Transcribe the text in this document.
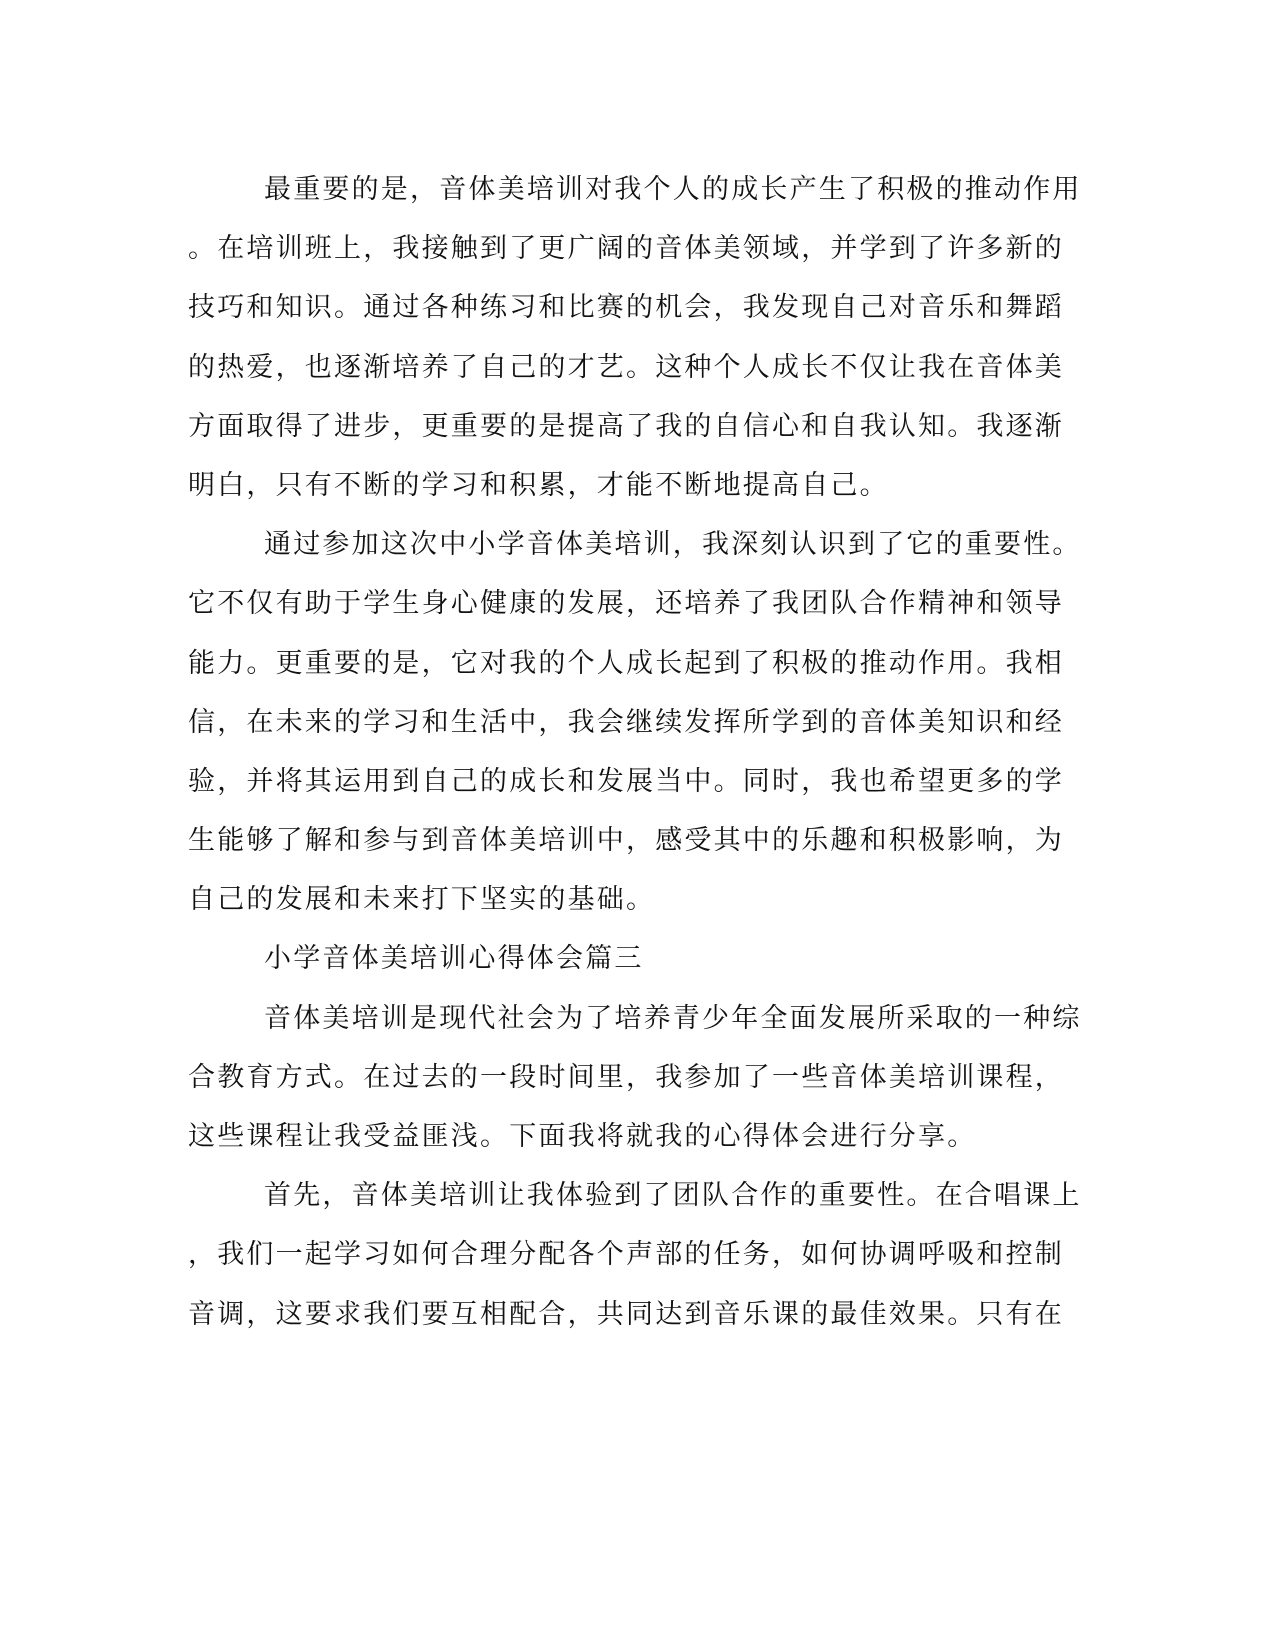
最重要的是，音体美培训对我个人的成长产生了积极的推动作用
。在培训班上，我接触到了更广阔的音体美领域，并学到了许多新的
技巧和知识。通过各种练习和比赛的机会，我发现自己对音乐和舞蹈
的热爱，也逐渐培养了自己的才艺。这种个人成长不仅让我在音体美
方面取得了进步，更重要的是提高了我的自信心和自我认知。我逐渐
明白，只有不断的学习和积累，才能不断地提高自己。
通过参加这次中小学音体美培训，我深刻认识到了它的重要性。
它不仅有助于学生身心健康的发展，还培养了我团队合作精神和领导
能力。更重要的是，它对我的个人成长起到了积极的推动作用。我相
信，在未来的学习和生活中，我会继续发挥所学到的音体美知识和经
验，并将其运用到自己的成长和发展当中。同时，我也希望更多的学
生能够了解和参与到音体美培训中，感受其中的乐趣和积极影响，为
自己的发展和未来打下坚实的基础。
小学音体美培训心得体会篇三
音体美培训是现代社会为了培养青少年全面发展所采取的一种综
合教育方式。在过去的一段时间里，我参加了一些音体美培训课程，
这些课程让我受益匪浅。下面我将就我的心得体会进行分享。
首先，音体美培训让我体验到了团队合作的重要性。在合唱课上
，我们一起学习如何合理分配各个声部的任务，如何协调呼吸和控制
音调，这要求我们要互相配合，共同达到音乐课的最佳效果。只有在
